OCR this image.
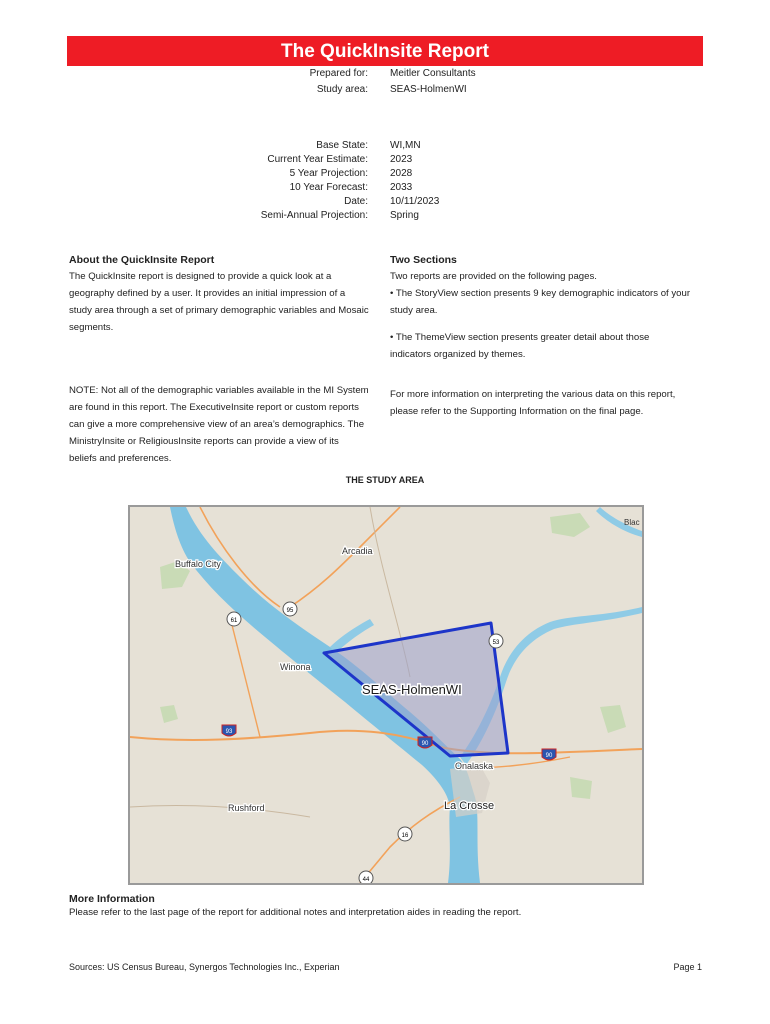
The QuickInsite Report
Prepared for: Meitler Consultants
Study area: SEAS-HolmenWI
Base State: WI,MN
Current Year Estimate: 2023
5 Year Projection: 2028
10 Year Forecast: 2033
Date: 10/11/2023
Semi-Annual Projection: Spring
About the QuickInsite Report
The QuickInsite report is designed to provide a quick look at a geography defined by a user. It provides an initial impression of a study area through a set of primary demographic variables and Mosaic segments.
NOTE: Not all of the demographic variables available in the MI System are found in this report. The ExecutiveInsite report or custom reports can give a more comprehensive view of an area’s demographics. The MinistryInsite or ReligiousInsite reports can provide a view of its beliefs and preferences.
Two Sections
Two reports are provided on the following pages.
• The StoryView section presents 9 key demographic indicators of your study area.
• The ThemeView section presents greater detail about those indicators organized by themes.
For more information on interpreting the various data on this report, please refer to the Supporting Information on the final page.
THE STUDY AREA
Buffalo City
Arcadia
Winona
Onalaska
La Crosse
Rushford
Blac
SEAS-HolmenWI
61
95
53
93
90
90
16
44
More Information
Please refer to the last page of the report for additional notes and interpretation aides in reading the report.
Sources: US Census Bureau, Synergos Technologies Inc., Experian	Page 1
